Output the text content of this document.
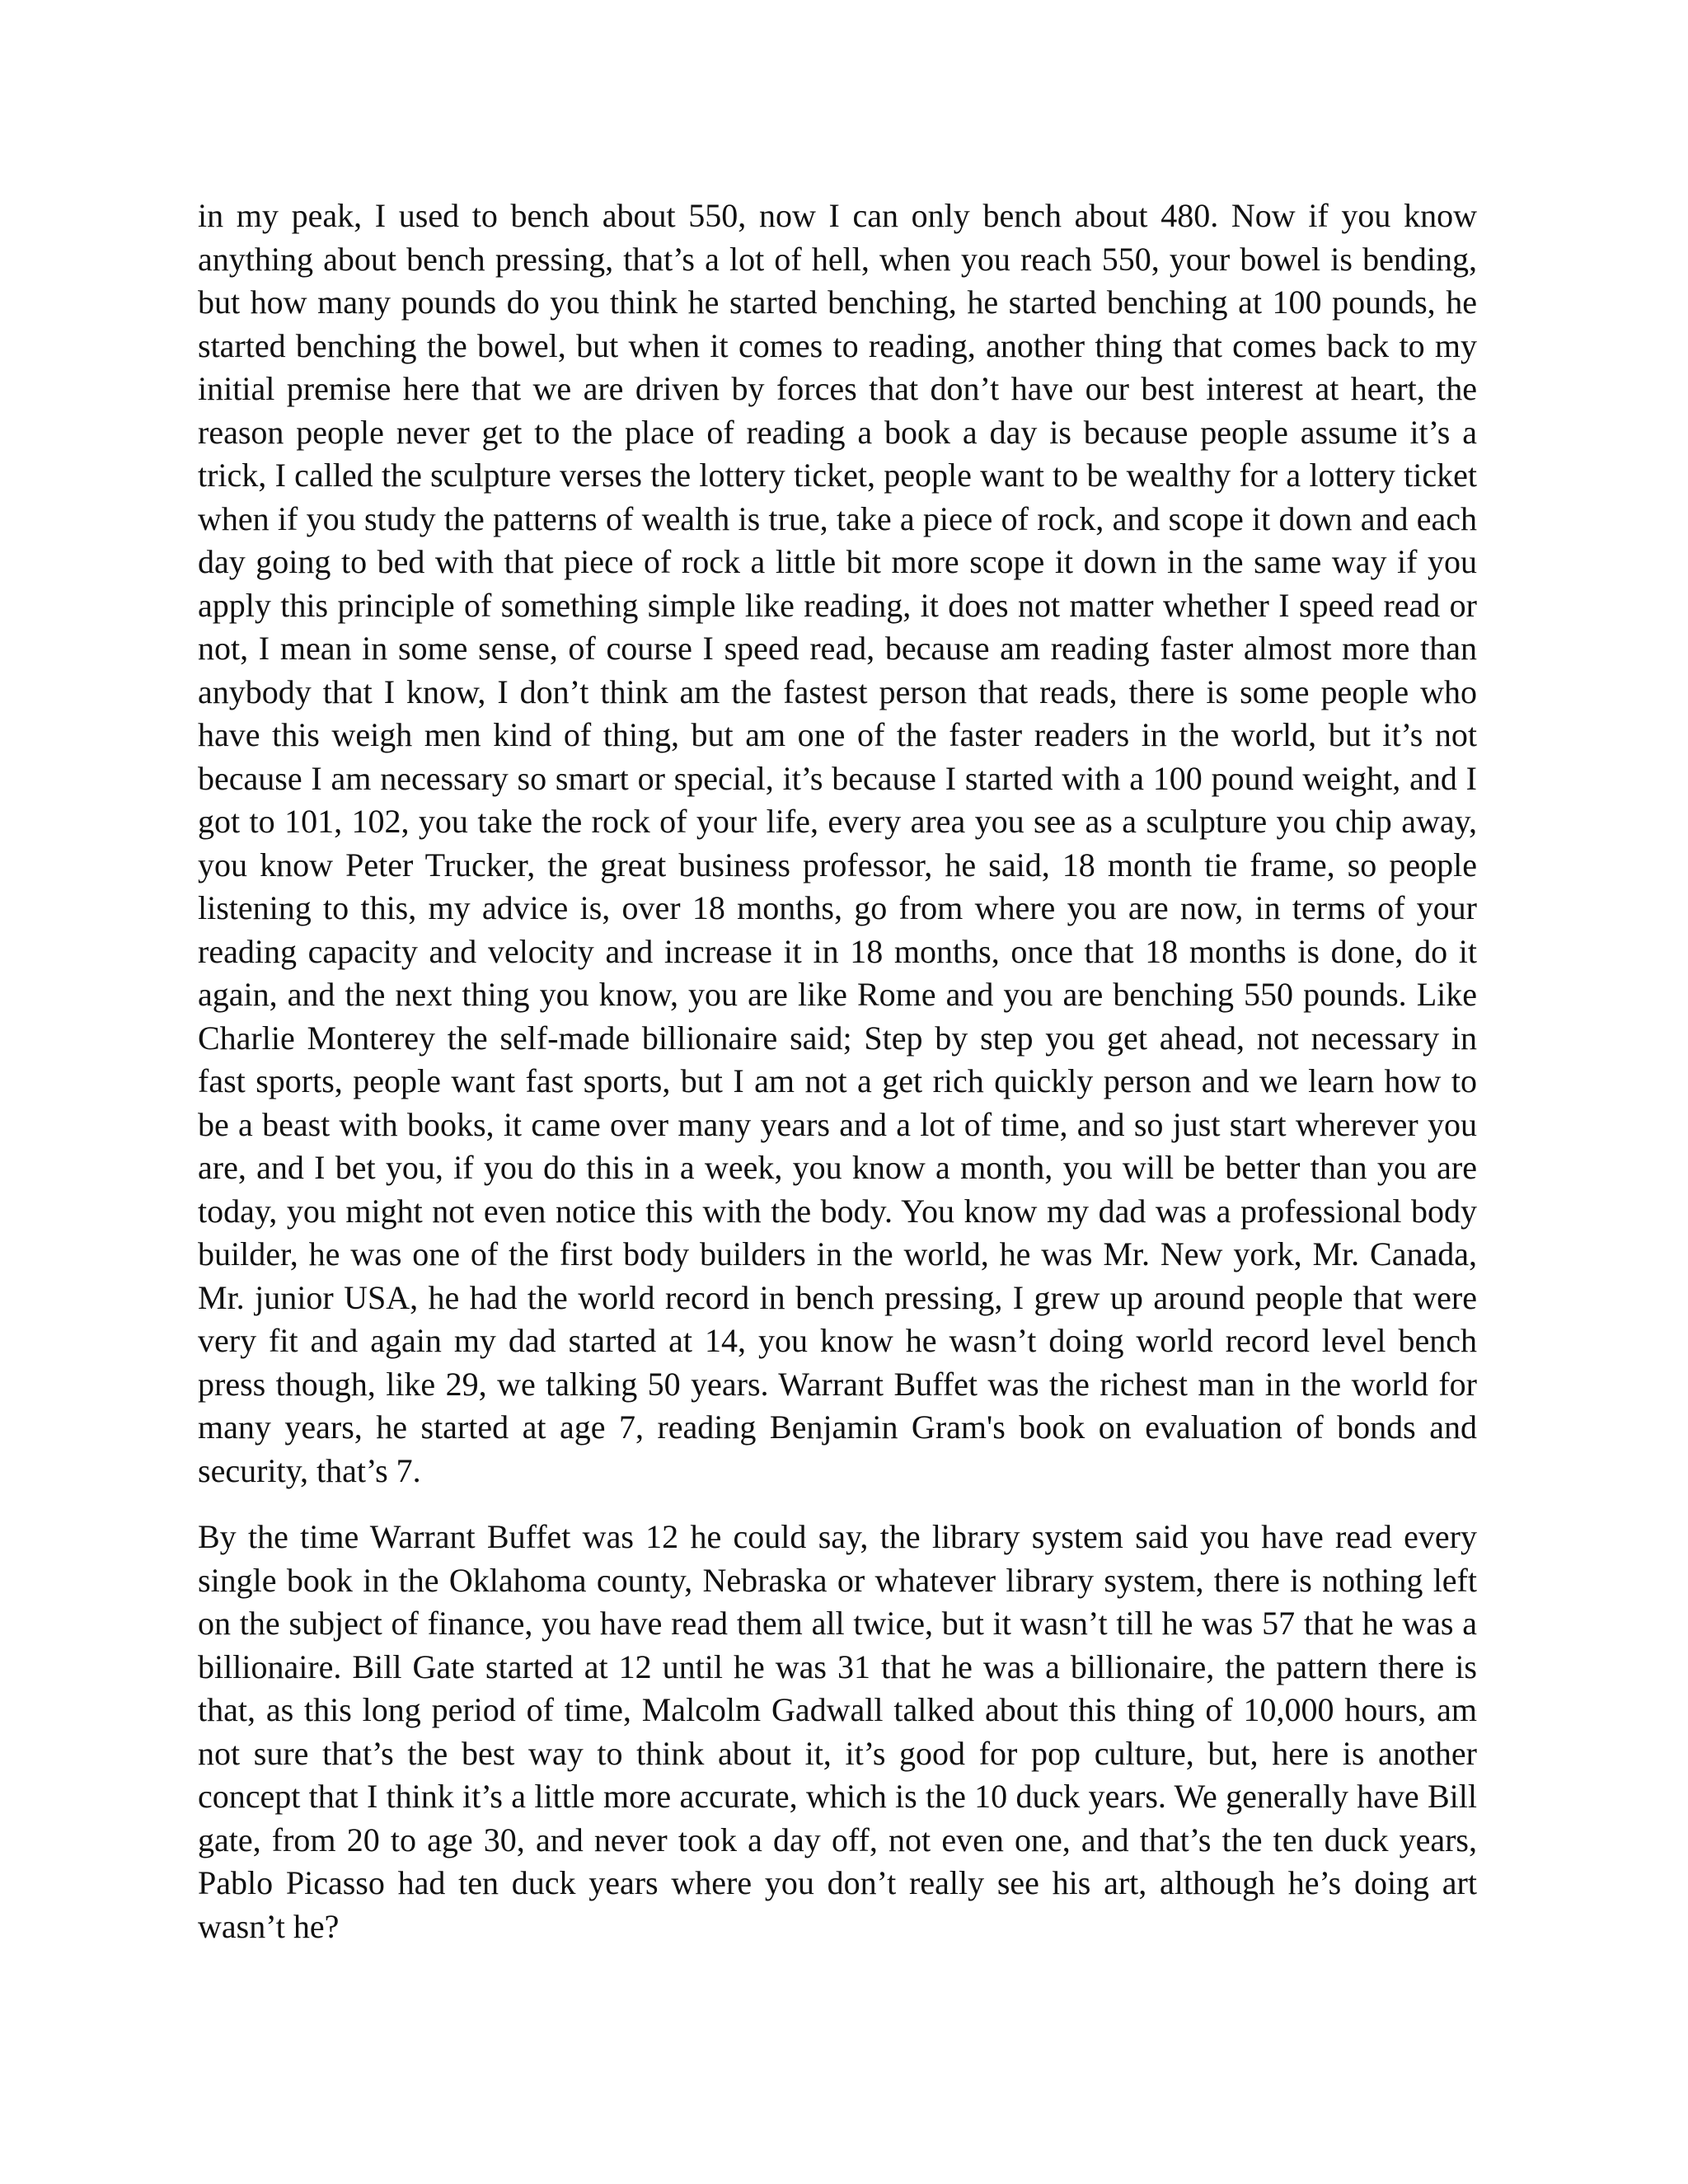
in my peak, I used to bench about 550, now I can only bench about 480. Now if you know anything about bench pressing, that’s a lot of hell, when you reach 550, your bowel is bending, but how many pounds do you think he started benching, he started benching at 100 pounds, he started benching the bowel, but when it comes to reading, another thing that comes back to my initial premise here that we are driven by forces that don’t have our best interest at heart, the reason people never get to the place of reading a book a day is because people assume it’s a trick, I called the sculpture verses the lottery ticket, people want to be wealthy for a lottery ticket when if you study the patterns of wealth is true, take a piece of rock, and scope it down and each day going to bed with that piece of rock a little bit more scope it down in the same way if you apply this principle of something simple like reading, it does not matter whether I speed read or not, I mean in some sense, of course I speed read, because am reading faster almost more than anybody that I know, I don’t think am the fastest person that reads, there is some people who have this weigh men kind of thing, but am one of the faster readers in the world, but it’s not because I am necessary so smart or special, it’s because I started with a 100 pound weight, and I got to 101, 102, you take the rock of your life, every area you see as a sculpture you chip away, you know Peter Trucker, the great business professor, he said, 18 month tie frame, so people listening to this, my advice is, over 18 months, go from where you are now, in terms of your reading capacity and velocity and increase it in 18 months, once that 18 months is done, do it again, and the next thing you know, you are like Rome and you are benching 550 pounds. Like Charlie Monterey the self-made billionaire said; Step by step you get ahead, not necessary in fast sports, people want fast sports, but I am not a get rich quickly person and we learn how to be a beast with books, it came over many years and a lot of time, and so just start wherever you are, and I bet you, if you do this in a week, you know a month, you will be better than you are today, you might not even notice this with the body. You know my dad was a professional body builder, he was one of the first body builders in the world, he was Mr. New york, Mr. Canada, Mr. junior USA, he had the world record in bench pressing, I grew up around people that were very fit and again my dad started at 14, you know he wasn’t doing world record level bench press though, like 29, we talking 50 years. Warrant Buffet was the richest man in the world for many years, he started at age 7, reading Benjamin Gram's book on evaluation of bonds and security, that’s 7.

By the time Warrant Buffet was 12 he could say, the library system said you have read every single book in the Oklahoma county, Nebraska or whatever library system, there is nothing left on the subject of finance, you have read them all twice, but it wasn’t till he was 57 that he was a billionaire. Bill Gate started at 12 until he was 31 that he was a billionaire, the pattern there is that, as this long period of time, Malcolm Gadwall talked about this thing of 10,000 hours, am not sure that’s the best way to think about it, it’s good for pop culture, but, here is another concept that I think it’s a little more accurate, which is the 10 duck years. We generally have Bill gate, from 20 to age 30, and never took a day off, not even one, and that’s the ten duck years, Pablo Picasso had ten duck years where you don’t really see his art, although he’s doing art wasn’t he?
